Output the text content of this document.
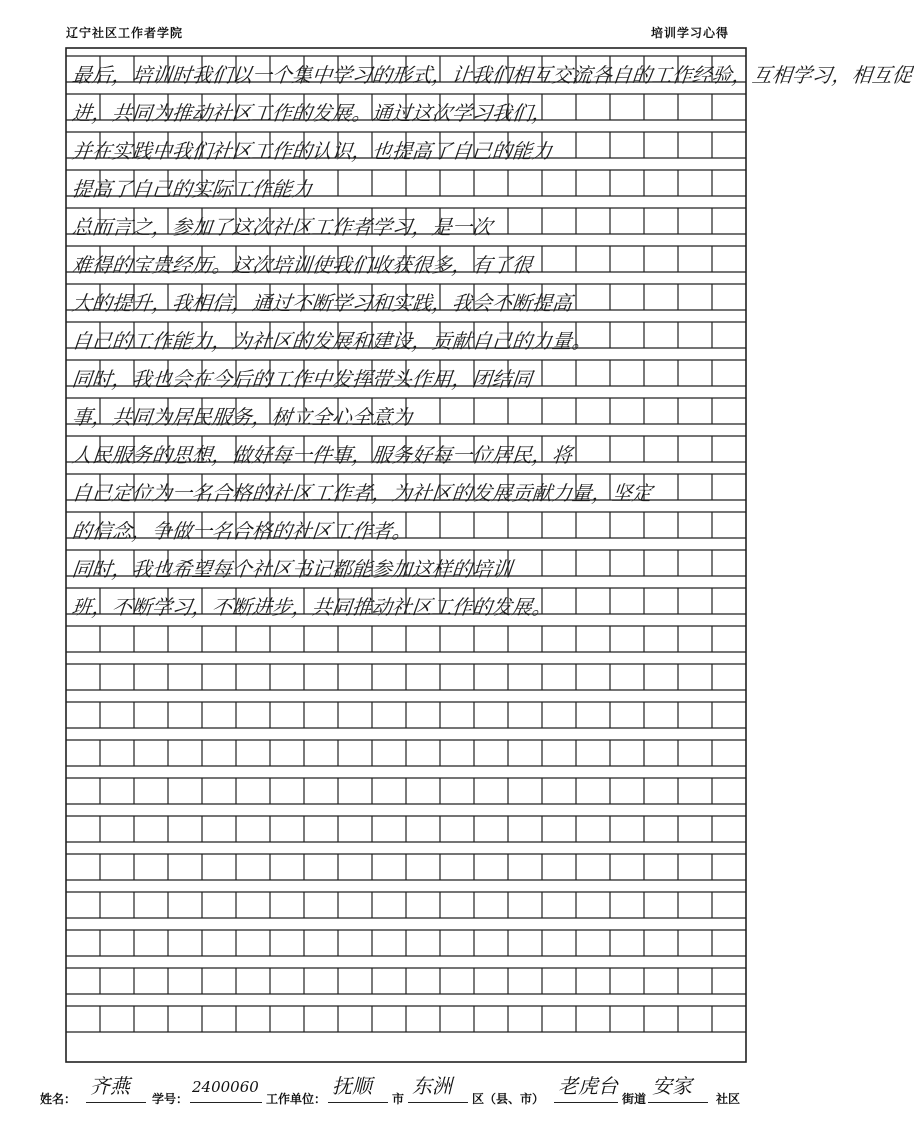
辽宁社区工作者学院	培训学习心得
最后，培训时我们以一个集中学习的形式，让我们相互交流各自的工作经验，互相学习，相互促
进，共同为推动社区工作的发展。通过这次学习我们，
并在实践中我们社区工作的认识，也提高了自己的能力
提高了自己的实际工作能力
总而言之，参加了这次社区工作者学习，是一次
难得的宝贵经历。这次培训使我们收获很多，有了很
大的提升，我相信，通过不断学习和实践，我会不断提高
自己的工作能力，为社区的发展和建设，贡献自己的力量。
同时，我也会在今后的工作中发挥带头作用，团结同
事，共同为居民服务，树立全心全意为
人民服务的思想，做好每一件事，服务好每一位居民，将
自己定位为一名合格的社区工作者，为社区的发展贡献力量，坚定
的信念，争做一名合格的社区工作者。
同时，我也希望每个社区书记都能参加这样的培训
班，不断学习，不断进步，共同推动社区工作的发展。
姓名：
齐燕
学号：
2400060
工作单位：
抚顺
市
东洲
区（县、市）
老虎台
街道
安家
社区
